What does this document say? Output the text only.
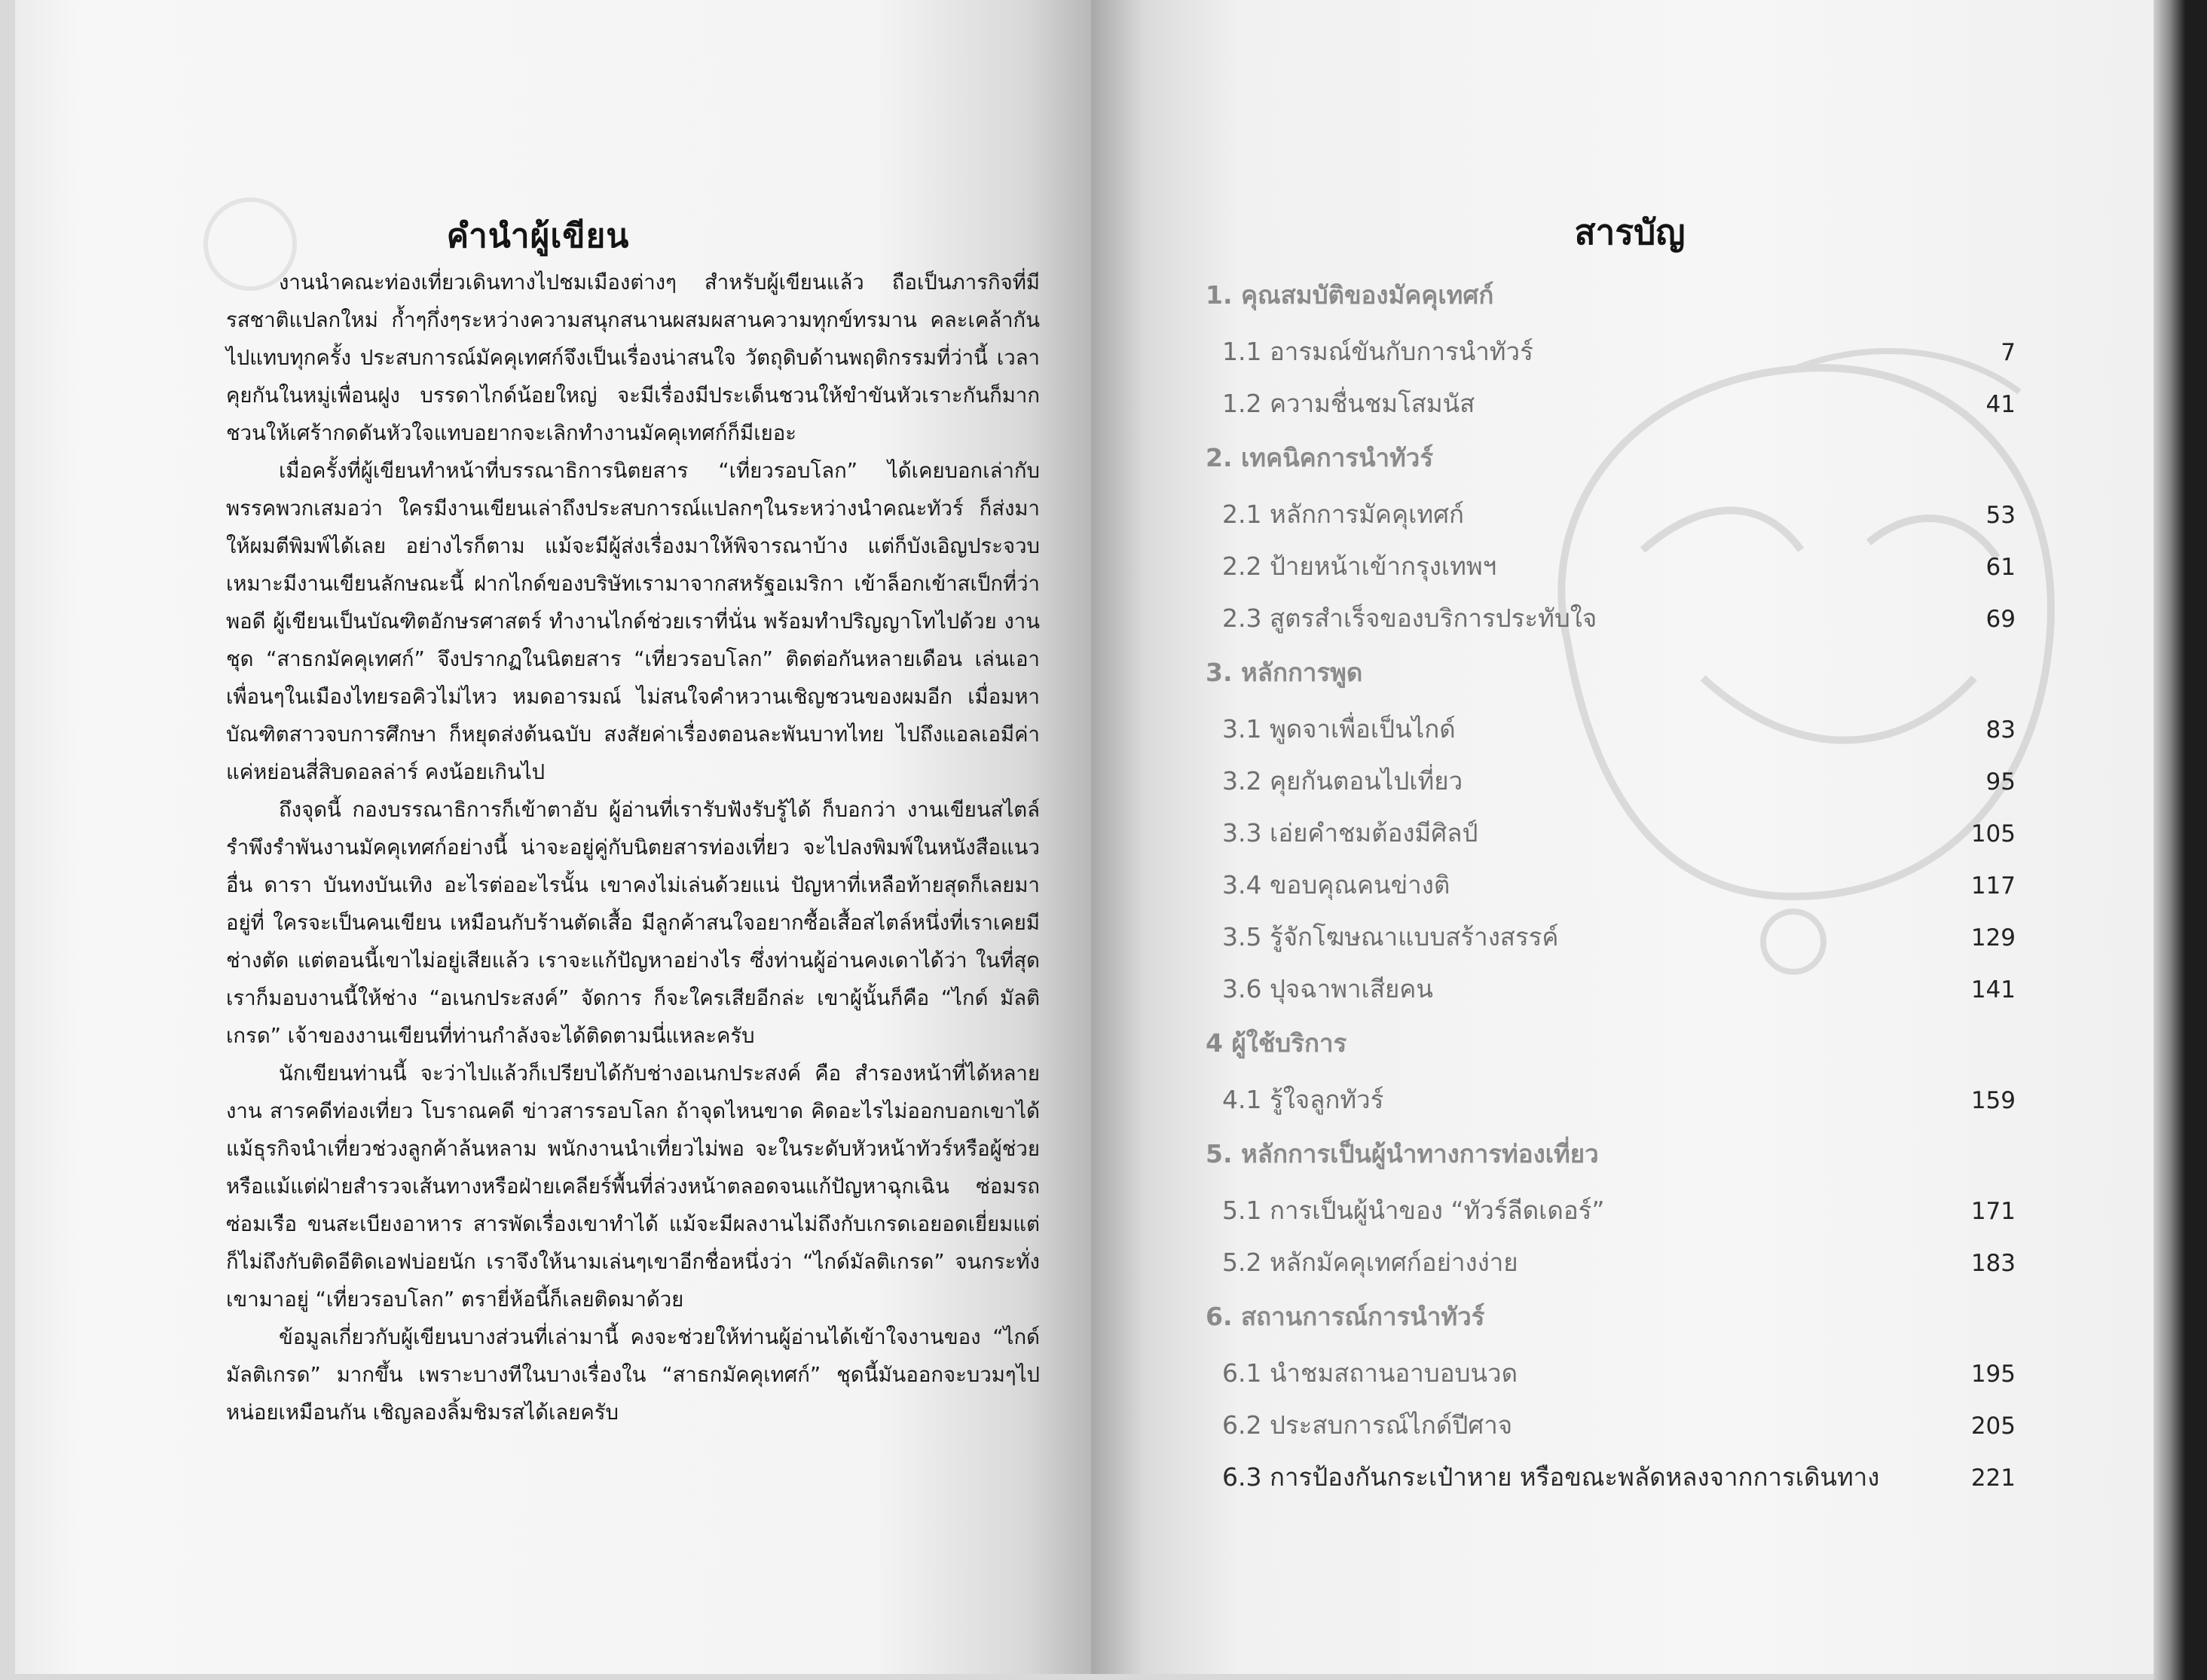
คำนำผู้เขียน

งานนำคณะท่องเที่ยวเดินทางไปชมเมืองต่างๆ สำหรับผู้เขียนแล้ว ถือเป็นภารกิจที่มีรสชาติแปลกใหม่ ก้ำๆกึ่งๆระหว่างความสนุกสนานผสมผสานความทุกข์ทรมาน คละเคล้ากันไปแทบทุกครั้ง ประสบการณ์มัคคุเทศก์จึงเป็นเรื่องน่าสนใจ วัตถุดิบด้านพฤติกรรมที่ว่านี้ เวลาคุยกันในหมู่เพื่อนฝูง บรรดาไกด์น้อยใหญ่ จะมีเรื่องมีประเด็นชวนให้ขำขันหัวเราะกันก็มาก ชวนให้เศร้ากดดันหัวใจแทบอยากจะเลิกทำงานมัคคุเทศก์ก็มีเยอะ

เมื่อครั้งที่ผู้เขียนทำหน้าที่บรรณาธิการนิตยสาร “เที่ยวรอบโลก” ได้เคยบอกเล่ากับพรรคพวกเสมอว่า ใครมีงานเขียนเล่าถึงประสบการณ์แปลกๆในระหว่างนำคณะทัวร์ ก็ส่งมาให้ผมตีพิมพ์ได้เลย อย่างไรก็ตาม แม้จะมีผู้ส่งเรื่องมาให้พิจารณาบ้าง แต่ก็บังเอิญประจวบเหมาะมีงานเขียนลักษณะนี้ ฝากไกด์ของบริษัทเรามาจากสหรัฐอเมริกา เข้าล็อกเข้าสเป็กที่ว่าพอดี ผู้เขียนเป็นบัณฑิตอักษรศาสตร์ ทำงานไกด์ช่วยเราที่นั่น พร้อมทำปริญญาโทไปด้วย งานชุด “สาธกมัคคุเทศก์” จึงปรากฏในนิตยสาร “เที่ยวรอบโลก” ติดต่อกันหลายเดือน เล่นเอาเพื่อนๆในเมืองไทยรอคิวไม่ไหว หมดอารมณ์ ไม่สนใจคำหวานเชิญชวนของผมอีก เมื่อมหาบัณฑิตสาวจบการศึกษา ก็หยุดส่งต้นฉบับ สงสัยค่าเรื่องตอนละพันบาทไทย ไปถึงแอลเอมีค่าแค่หย่อนสี่สิบดอลล่าร์ คงน้อยเกินไป

ถึงจุดนี้ กองบรรณาธิการก็เข้าตาอับ ผู้อ่านที่เรารับฟังรับรู้ได้ ก็บอกว่า งานเขียนสไตล์รำพึงรำพันงานมัคคุเทศก์อย่างนี้ น่าจะอยู่คู่กับนิตยสารท่องเที่ยว จะไปลงพิมพ์ในหนังสือแนวอื่น ดารา บันทงบันเทิง อะไรต่ออะไรนั้น เขาคงไม่เล่นด้วยแน่ ปัญหาที่เหลือท้ายสุดก็เลยมาอยู่ที่ ใครจะเป็นคนเขียน เหมือนกับร้านตัดเสื้อ มีลูกค้าสนใจอยากซื้อเสื้อสไตล์หนึ่งที่เราเคยมีช่างตัด แต่ตอนนี้เขาไม่อยู่เสียแล้ว เราจะแก้ปัญหาอย่างไร ซึ่งท่านผู้อ่านคงเดาได้ว่า ในที่สุดเราก็มอบงานนี้ให้ช่าง “อเนกประสงค์” จัดการ ก็จะใครเสียอีกล่ะ เขาผู้นั้นก็คือ “ไกด์ มัลติเกรด” เจ้าของงานเขียนที่ท่านกำลังจะได้ติดตามนี่แหละครับ

นักเขียนท่านนี้ จะว่าไปแล้วก็เปรียบได้กับช่างอเนกประสงค์ คือ สำรองหน้าที่ได้หลายงาน สารคดีท่องเที่ยว โบราณคดี ข่าวสารรอบโลก ถ้าจุดไหนขาด คิดอะไรไม่ออกบอกเขาได้ แม้ธุรกิจนำเที่ยวช่วงลูกค้าล้นหลาม พนักงานนำเที่ยวไม่พอ จะในระดับหัวหน้าทัวร์หรือผู้ช่วย หรือแม้แต่ฝ่ายสำรวจเส้นทางหรือฝ่ายเคลียร์พื้นที่ล่วงหน้าตลอดจนแก้ปัญหาฉุกเฉิน ซ่อมรถซ่อมเรือ ขนสะเบียงอาหาร สารพัดเรื่องเขาทำได้ แม้จะมีผลงานไม่ถึงกับเกรดเอยอดเยี่ยมแต่ก็ไม่ถึงกับติดอีติดเอฟบ่อยนัก เราจึงให้นามเล่นๆเขาอีกชื่อหนึ่งว่า “ไกด์มัลติเกรด” จนกระทั่งเขามาอยู่ “เที่ยวรอบโลก” ตรายี่ห้อนี้ก็เลยติดมาด้วย

ข้อมูลเกี่ยวกับผู้เขียนบางส่วนที่เล่ามานี้ คงจะช่วยให้ท่านผู้อ่านได้เข้าใจงานของ “ไกด์ มัลติเกรด” มากขึ้น เพราะบางทีในบางเรื่องใน “สาธกมัคคุเทศก์” ชุดนี้มันออกจะบวมๆไปหน่อยเหมือนกัน เชิญลองลิ้มชิมรสได้เลยครับ

สารบัญ
1. คุณสมบัติของมัคคุเทศก์
1.1 อารมณ์ขันกับการนำทัวร์	7
1.2 ความชื่นชมโสมนัส	41
2. เทคนิคการนำทัวร์
2.1 หลักการมัคคุเทศก์	53
2.2 ป้ายหน้าเข้ากรุงเทพฯ	61
2.3 สูตรสำเร็จของบริการประทับใจ	69
3. หลักการพูด
3.1 พูดจาเพื่อเป็นไกด์	83
3.2 คุยกันตอนไปเที่ยว	95
3.3 เอ่ยคำชมต้องมีศิลป์	105
3.4 ขอบคุณคนข่างติ	117
3.5 รู้จักโฆษณาแบบสร้างสรรค์	129
3.6 ปุจฉาพาเสียคน	141
4 ผู้ใช้บริการ
4.1 รู้ใจลูกทัวร์	159
5. หลักการเป็นผู้นำทางการท่องเที่ยว
5.1 การเป็นผู้นำของ “ทัวร์ลีดเดอร์”	171
5.2 หลักมัคคุเทศก์อย่างง่าย	183
6. สถานการณ์การนำทัวร์
6.1 นำชมสถานอาบอบนวด	195
6.2 ประสบการณ์ไกด์ปีศาจ	205
6.3 การป้องกันกระเป๋าหาย หรือขณะพลัดหลงจากการเดินทาง	221
